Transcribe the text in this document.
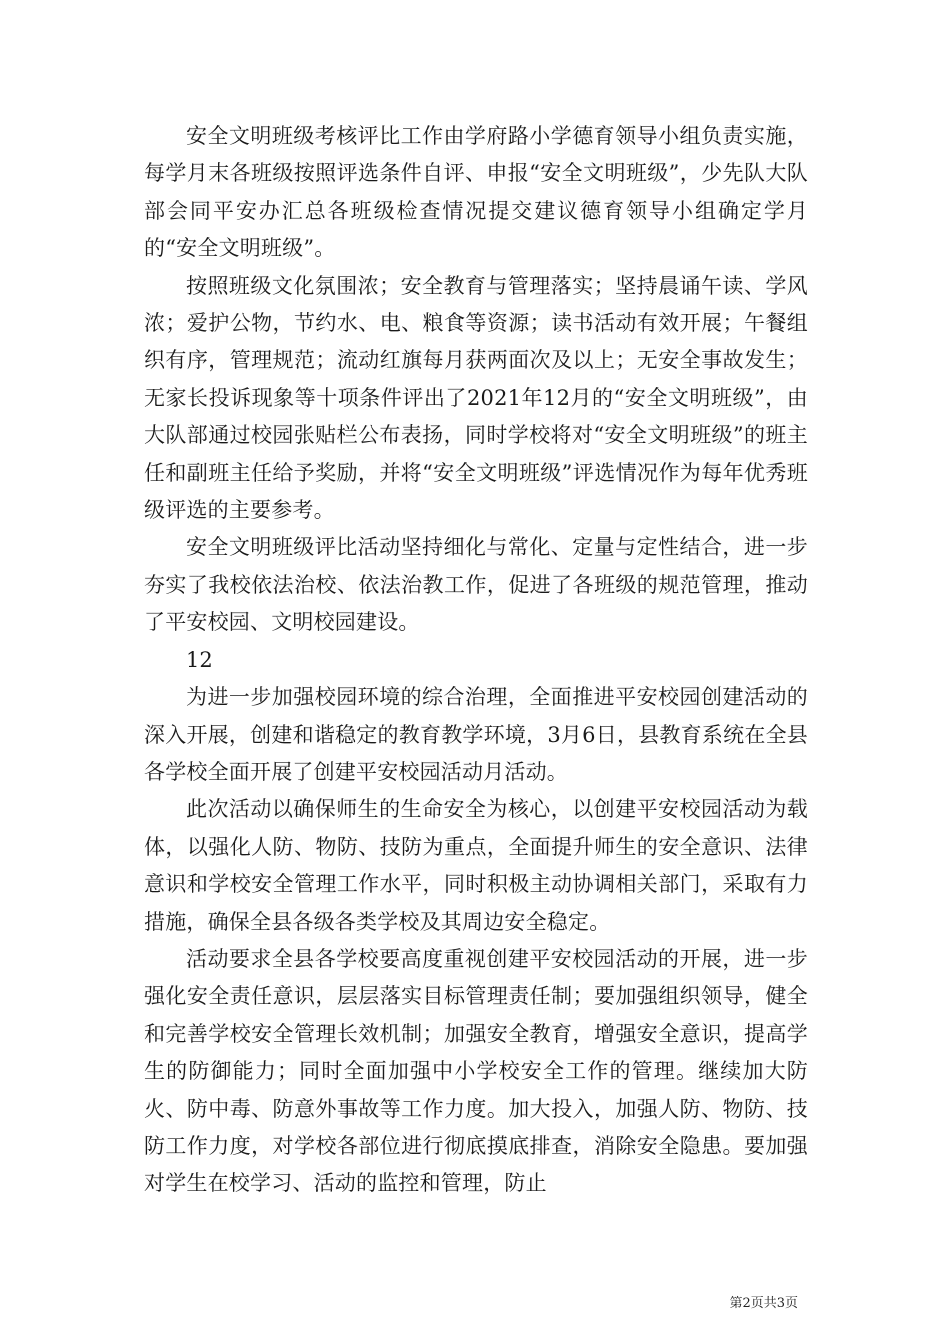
安全文明班级考核评比工作由学府路小学德育领导小组负责实施，每学月末各班级按照评选条件自评、申报“安全文明班级”，少先队大队部会同平安办汇总各班级检查情况提交建议德育领导小组确定学月的“安全文明班级”。

按照班级文化氛围浓；安全教育与管理落实；坚持晨诵午读、学风浓；爱护公物，节约水、电、粮食等资源；读书活动有效开展；午餐组织有序，管理规范；流动红旗每月获两面次及以上；无安全事故发生；无家长投诉现象等十项条件评出了2021年12月的“安全文明班级”，由大队部通过校园张贴栏公布表扬，同时学校将对“安全文明班级”的班主任和副班主任给予奖励，并将“安全文明班级”评选情况作为每年优秀班级评选的主要参考。

安全文明班级评比活动坚持细化与常化、定量与定性结合，进一步夯实了我校依法治校、依法治教工作，促进了各班级的规范管理，推动了平安校园、文明校园建设。

12

为进一步加强校园环境的综合治理，全面推进平安校园创建活动的深入开展，创建和谐稳定的教育教学环境，3月6日，县教育系统在全县各学校全面开展了创建平安校园活动月活动。

此次活动以确保师生的生命安全为核心，以创建平安校园活动为载体，以强化人防、物防、技防为重点，全面提升师生的安全意识、法律意识和学校安全管理工作水平，同时积极主动协调相关部门，采取有力措施，确保全县各级各类学校及其周边安全稳定。

活动要求全县各学校要高度重视创建平安校园活动的开展，进一步强化安全责任意识，层层落实目标管理责任制；要加强组织领导，健全和完善学校安全管理长效机制；加强安全教育，增强安全意识，提高学生的防御能力；同时全面加强中小学校安全工作的管理。继续加大防火、防中毒、防意外事故等工作力度。加大投入，加强人防、物防、技防工作力度，对学校各部位进行彻底摸底排查，消除安全隐患。要加强对学生在校学习、活动的监控和管理，防止

第2页共3页
